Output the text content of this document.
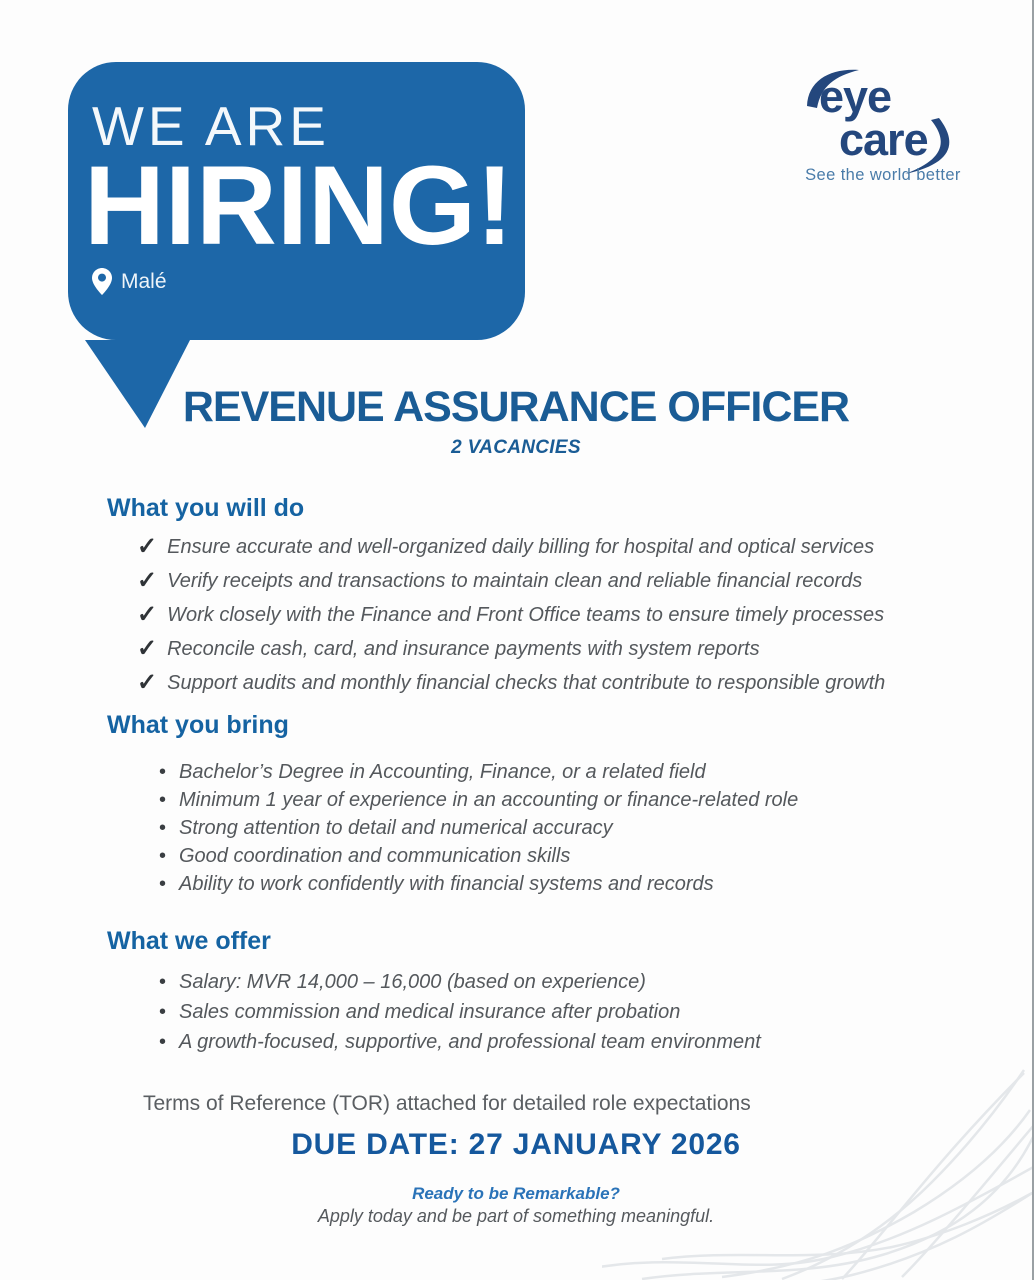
WE ARE
HIRING!
Malé
eye
care
See the world better
REVENUE ASSURANCE OFFICER
2 VACANCIES
What you will do
✓ Ensure accurate and well-organized daily billing for hospital and optical services
✓ Verify receipts and transactions to maintain clean and reliable financial records
✓ Work closely with the Finance and Front Office teams to ensure timely processes
✓ Reconcile cash, card, and insurance payments with system reports
✓ Support audits and monthly financial checks that contribute to responsible growth
What you bring
• Bachelor’s Degree in Accounting, Finance, or a related field
• Minimum 1 year of experience in an accounting or finance-related role
• Strong attention to detail and numerical accuracy
• Good coordination and communication skills
• Ability to work confidently with financial systems and records
What we offer
• Salary: MVR 14,000 – 16,000 (based on experience)
• Sales commission and medical insurance after probation
• A growth-focused, supportive, and professional team environment
Terms of Reference (TOR) attached for detailed role expectations
DUE DATE: 27 JANUARY 2026
Ready to be Remarkable?
Apply today and be part of something meaningful.
